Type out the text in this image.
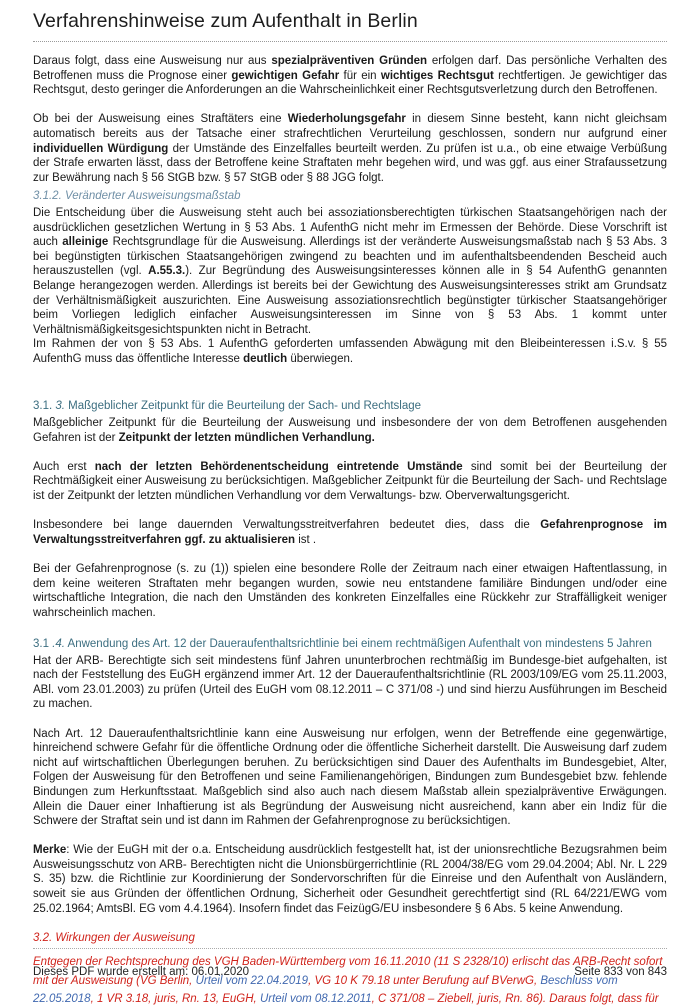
Verfahrenshinweise zum Aufenthalt in Berlin

Daraus folgt, dass eine Ausweisung nur aus spezialpräventiven Gründen erfolgen darf. Das persönliche Verhalten des Betroffenen muss die Prognose einer gewichtigen Gefahr für ein wichtiges Rechtsgut rechtfertigen. Je gewichtiger das Rechtsgut, desto geringer die Anforderungen an die Wahrscheinlichkeit einer Rechtsgutsverletzung durch den Betroffenen.

Ob bei der Ausweisung eines Straftäters eine Wiederholungsgefahr in diesem Sinne besteht, kann nicht gleichsam automatisch bereits aus der Tatsache einer strafrechtlichen Verurteilung geschlossen, sondern nur aufgrund einer individuellen Würdigung der Umstände des Einzelfalles beurteilt werden. Zu prüfen ist u.a., ob eine etwaige Verbüßung der Strafe erwarten lässt, dass der Betroffene keine Straftaten mehr begehen wird, und was ggf. aus einer Strafaussetzung zur Bewährung nach § 56 StGB bzw. § 57 StGB oder § 88 JGG folgt.

3.1.2. Veränderter Ausweisungsmaßstab

Die Entscheidung über die Ausweisung steht auch bei assoziationsberechtigten türkischen Staatsangehörigen nach der ausdrücklichen gesetzlichen Wertung in § 53 Abs. 1 AufenthG nicht mehr im Ermessen der Behörde. Diese Vorschrift ist auch alleinige Rechtsgrundlage für die Ausweisung. Allerdings ist der veränderte Ausweisungsmaßstab nach § 53 Abs. 3 bei begünstigten türkischen Staatsangehörigen zwingend zu beachten und im aufenthaltsbeendenden Bescheid auch herauszustellen (vgl. A.55.3.). Zur Begründung des Ausweisungsinteresses können alle in § 54 AufenthG genannten Belange herangezogen werden. Allerdings ist bereits bei der Gewichtung des Ausweisungsinteresses strikt am Grundsatz der Verhältnismäßigkeit auszurichten. Eine Ausweisung assoziationsrechtlich begünstigter türkischer Staatsangehöriger beim Vorliegen lediglich einfacher Ausweisungsinteressen im Sinne von § 53 Abs. 1 kommt unter Verhältnismäßigkeitsgesichtspunkten nicht in Betracht.

Im Rahmen der von § 53 Abs. 1 AufenthG geforderten umfassenden Abwägung mit den Bleibeinteressen i.S.v. § 55 AufenthG muss das öffentliche Interesse deutlich überwiegen.

3.1. 3. Maßgeblicher Zeitpunkt für die Beurteilung der Sach- und Rechtslage

Maßgeblicher Zeitpunkt für die Beurteilung der Ausweisung und insbesondere der von dem Betroffenen ausgehenden Gefahren ist der Zeitpunkt der letzten mündlichen Verhandlung.

Auch erst nach der letzten Behördenentscheidung eintretende Umstände sind somit bei der Beurteilung der Rechtmäßigkeit einer Ausweisung zu berücksichtigen. Maßgeblicher Zeitpunkt für die Beurteilung der Sach- und Rechtslage ist der Zeitpunkt der letzten mündlichen Verhandlung vor dem Verwaltungs- bzw. Oberverwaltungsgericht.

Insbesondere bei lange dauernden Verwaltungsstreitverfahren bedeutet dies, dass die Gefahrenprognose im Verwaltungsstreitverfahren ggf. zu aktualisieren ist .

Bei der Gefahrenprognose (s. zu (1)) spielen eine besondere Rolle der Zeitraum nach einer etwaigen Haftentlassung, in dem keine weiteren Straftaten mehr begangen wurden, sowie neu entstandene familiäre Bindungen und/oder eine wirtschaftliche Integration, die nach den Umständen des konkreten Einzelfalles eine Rückkehr zur Straffälligkeit weniger wahrscheinlich machen.

3.1 .4. Anwendung des Art. 12 der Daueraufenthaltsrichtlinie bei einem rechtmäßigen Aufenthalt von mindestens 5 Jahren

Hat der ARB- Berechtigte sich seit mindestens fünf Jahren ununterbrochen rechtmäßig im Bundesge-biet aufgehalten, ist nach der Feststellung des EuGH ergänzend immer Art. 12 der Daueraufenthaltsrichtlinie (RL 2003/109/EG vom 25.11.2003, ABl. vom 23.01.2003) zu prüfen (Urteil des EuGH vom 08.12.2011 – C 371/08 -) und sind hierzu Ausführungen im Bescheid zu machen.

Nach Art. 12 Daueraufenthaltsrichtlinie kann eine Ausweisung nur erfolgen, wenn der Betreffende eine gegenwärtige, hinreichend schwere Gefahr für die öffentliche Ordnung oder die öffentliche Sicherheit darstellt. Die Ausweisung darf zudem nicht auf wirtschaftlichen Überlegungen beruhen. Zu berücksichtigen sind Dauer des Aufenthalts im Bundesgebiet, Alter, Folgen der Ausweisung für den Betroffenen und seine Familienangehörigen, Bindungen zum Bundesgebiet bzw. fehlende Bindungen zum Herkunftsstaat. Maßgeblich sind also auch nach diesem Maßstab allein spezialpräventive Erwägungen. Allein die Dauer einer Inhaftierung ist als Begründung der Ausweisung nicht ausreichend, kann aber ein Indiz für die Schwere der Straftat sein und ist dann im Rahmen der Gefahrenprognose zu berücksichtigen.

Merke: Wie der EuGH mit der o.a. Entscheidung ausdrücklich festgestellt hat, ist der unionsrechtliche Bezugsrahmen beim Ausweisungsschutz von ARB- Berechtigten nicht die Unionsbürgerrichtlinie (RL 2004/38/EG vom 29.04.2004; Abl. Nr. L 229 S. 35) bzw. die Richtlinie zur Koordinierung der Sondervorschriften für die Einreise und den Aufenthalt von Ausländern, soweit sie aus Gründen der öffentlichen Ordnung, Sicherheit oder Gesundheit gerechtfertigt sind (RL 64/221/EWG vom 25.02.1964; AmtsBl. EG vom 4.4.1964). Insofern findet das FeizügG/EU insbesondere § 6 Abs. 5 keine Anwendung.

3.2. Wirkungen der Ausweisung

Entgegen der Rechtsprechung des VGH Baden-Württemberg vom 16.11.2010 (11 S 2328/10) erlischt das ARB-Recht sofort mit der Ausweisung (VG Berlin, Urteil vom 22.04.2019, VG 10 K 79.18 unter Berufung auf BVerwG, Beschluss vom 22.05.2018, 1 VR 3.18, juris, Rn. 13, EuGH, Urteil vom 08.12.2011, C 371/08 – Ziebell, juris, Rn. 86). Daraus folgt, dass für

Dieses PDF wurde erstellt am: 06.01.2020	Seite 833 von 843
